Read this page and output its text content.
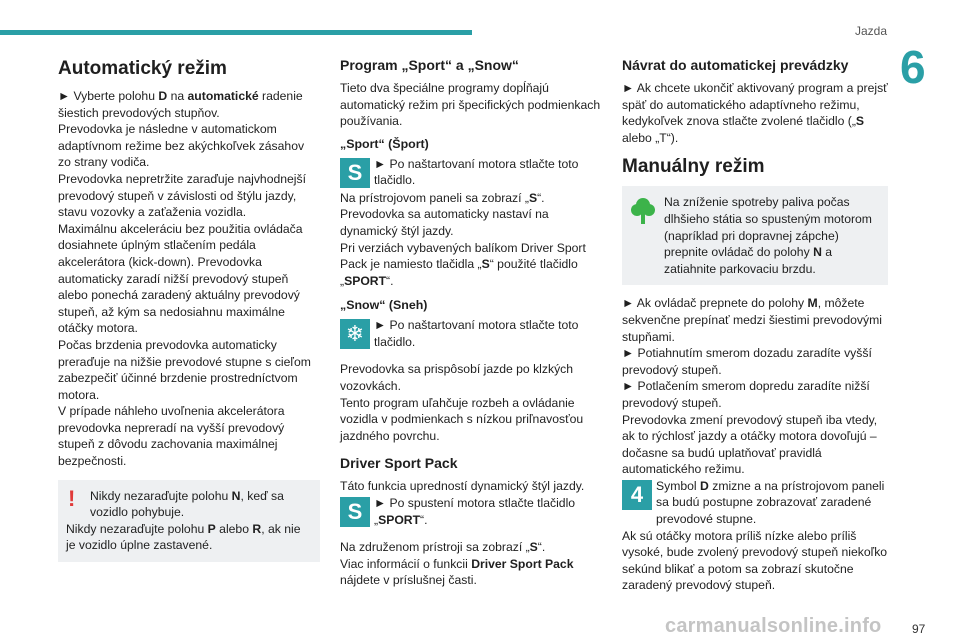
Jazda
6
Automatický režim

► Vyberte polohu D na automatické radenie šiestich prevodových stupňov.

Prevodovka je následne v automatickom adaptívnom režime bez akýchkoľvek zásahov zo strany vodiča.

Prevodovka nepretržite zaraďuje najvhodnejší prevodový stupeň v závislosti od štýlu jazdy, stavu vozovky a zaťaženia vozidla.

Maximálnu akceleráciu bez použitia ovládača dosiahnete úplným stlačením pedála akcelerátora (kick-down). Prevodovka automaticky zaradí nižší prevodový stupeň alebo ponechá zaradený aktuálny prevodový stupeň, až kým sa nedosiahnu maximálne otáčky motora.

Počas brzdenia prevodovka automaticky preraďuje na nižšie prevodové stupne s cieľom zabezpečiť účinné brzdenie prostredníctvom motora.

V prípade náhleho uvoľnenia akcelerátora prevodovka nepreradí na vyšší prevodový stupeň z dôvodu zachovania maximálnej bezpečnosti.

!	Nikdy nezaraďujte polohu N, keď sa vozidlo pohybuje.

Nikdy nezaraďujte polohu P alebo R, ak nie je vozidlo úplne zastavené.

Program „Sport“ a „Snow“

Tieto dva špeciálne programy dopĺňajú automatický režim pri špecifických podmienkach používania.

„Sport“ (Šport)
S ► Po naštartovaní motora stlačte toto tlačidlo.

Na prístrojovom paneli sa zobrazí „S“.

Prevodovka sa automaticky nastaví na dynamický štýl jazdy.

Pri verziách vybavených balíkom Driver Sport Pack je namiesto tlačidla „S“ použité tlačidlo „SPORT“.

„Snow“ (Sneh)
❄ ► Po naštartovaní motora stlačte toto tlačidlo.

Prevodovka sa prispôsobí jazde po klzkých vozovkách.

Tento program uľahčuje rozbeh a ovládanie vozidla v podmienkach s nízkou priľnavosťou jazdného povrchu.

Driver Sport Pack

Táto funkcia upredností dynamický štýl jazdy.

S ► Po spustení motora stlačte tlačidlo „SPORT“.

Na združenom prístroji sa zobrazí „S“.

Viac informácií o funkcii Driver Sport Pack nájdete v príslušnej časti.

Návrat do automatickej prevádzky

► Ak chcete ukončiť aktivovaný program a prejsť späť do automatického adaptívneho režimu, kedykoľvek znova stlačte zvolené tlačidlo („S alebo „T“).

Manuálny režim

Na zníženie spotreby paliva počas dlhšieho státia so spusteným motorom (napríklad pri dopravnej zápche) prepnite ovládač do polohy N a zatiahnite parkovaciu brzdu.

► Ak ovládač prepnete do polohy M, môžete sekvenčne prepínať medzi šiestimi prevodovými stupňami.

► Potiahnutím smerom dozadu zaradíte vyšší prevodový stupeň.

► Potlačením smerom dopredu zaradíte nižší prevodový stupeň.

Prevodovka zmení prevodový stupeň iba vtedy, ak to rýchlosť jazdy a otáčky motora dovoľujú – dočasne sa budú uplatňovať pravidlá automatického režimu.

4	Symbol D zmizne a na prístrojovom paneli sa budú postupne zobrazovať zaradené prevodové stupne.

Ak sú otáčky motora príliš nízke alebo príliš vysoké, bude zvolený prevodový stupeň niekoľko sekúnd blikať a potom sa zobrazí skutočne zaradený prevodový stupeň.

carmanualsonline.info	97
